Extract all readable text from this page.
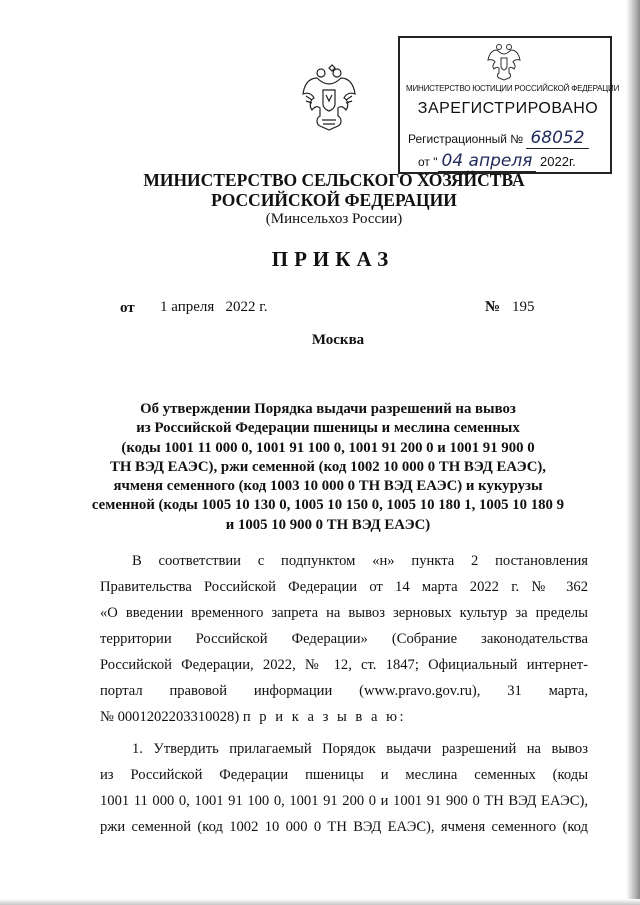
МИНИСТЕРСТВО ЮСТИЦИИ РОССИЙСКОЙ ФЕДЕРАЦИИ
ЗАРЕГИСТРИРОВАНО
Регистрационный № 68052
от " 04 апреля 2022г.
МИНИСТЕРСТВО СЕЛЬСКОГО ХОЗЯЙСТВА
РОССИЙСКОЙ ФЕДЕРАЦИИ
(Минсельхоз России)
ПРИКАЗ
от 1 апреля   2022 г.	№ 195
Москва
Об утверждении Порядка выдачи разрешений на вывоз
из Российской Федерации пшеницы и меслина семенных
(коды 1001 11 000 0, 1001 91 100 0, 1001 91 200 0 и 1001 91 900 0
ТН ВЭД ЕАЭС), ржи семенной (код 1002 10 000 0 ТН ВЭД ЕАЭС),
ячменя семенного (код 1003 10 000 0 ТН ВЭД ЕАЭС) и кукурузы
семенной (коды 1005 10 130 0, 1005 10 150 0, 1005 10 180 1, 1005 10 180 9
и 1005 10 900 0 ТН ВЭД ЕАЭС)
В соответствии с подпунктом «н» пункта 2 постановления
Правительства Российской Федерации от 14 марта 2022 г. № 362
«О введении временного запрета на вывоз зерновых культур за пределы
территории Российской Федерации» (Собрание законодательства
Российской Федерации, 2022, № 12, ст. 1847; Официальный интернет-
портал правовой информации (www.pravo.gov.ru), 31 марта,
№ 0001202203310028) п р и к а з ы в а ю:
1. Утвердить прилагаемый Порядок выдачи разрешений на вывоз
из Российской Федерации пшеницы и меслина семенных (коды
1001 11 000 0, 1001 91 100 0, 1001 91 200 0 и 1001 91 900 0 ТН ВЭД ЕАЭС),
ржи семенной (код 1002 10 000 0 ТН ВЭД ЕАЭС), ячменя семенного (код
